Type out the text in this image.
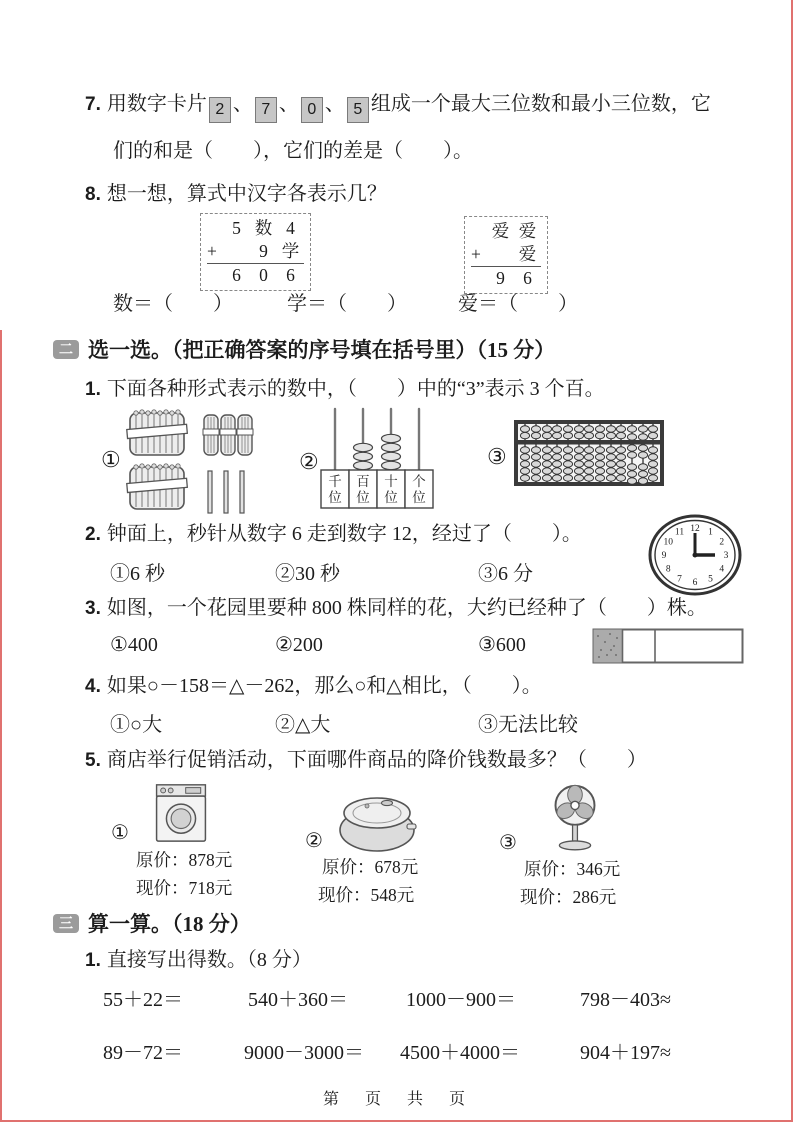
7. 用数字卡片 2 、 7 、 0 、 5 组成一个最大三位数和最小三位数，它
们的和是（　　），它们的差是（　　）。
8. 想一想，算式中汉字各表示几？
5 数 4
+	9 学
6	0	6
爱 爱
+	爱
9	6
数＝（　　）	学＝（　　）	爱＝（　　）
二 选一选。（把正确答案的序号填在括号里）（15 分）
1. 下面各种形式表示的数中，（　　）中的“3”表示 3 个百。
①	②	③
千 百 十 个
位 位 位 位
2. 钟面上，秒针从数字 6 走到数字 12，经过了（　　）。
①6 秒	②30 秒	③6 分
12 1
2
3
4
5
6
7
8
9
10
11
3. 如图，一个花园里要种 800 株同样的花，大约已经种了（　　）株。
①400	②200	③600
4. 如果○－158＝△－262，那么○和△相比，（　　）。
①○大	②△大	③无法比较
5. 商店举行促销活动，下面哪件商品的降价钱数最多？（　　）
①
原价：878元
现价：718元
②
原价：678元
现价：548元
③
原价：346元
现价：286元
三 算一算。（18 分）
1. 直接写出得数。（8 分）
55＋22＝	540＋360＝	1000－900＝	798－403≈
89－72＝	9000－3000＝ 4500＋4000＝	904＋197≈
第　页　共　页
